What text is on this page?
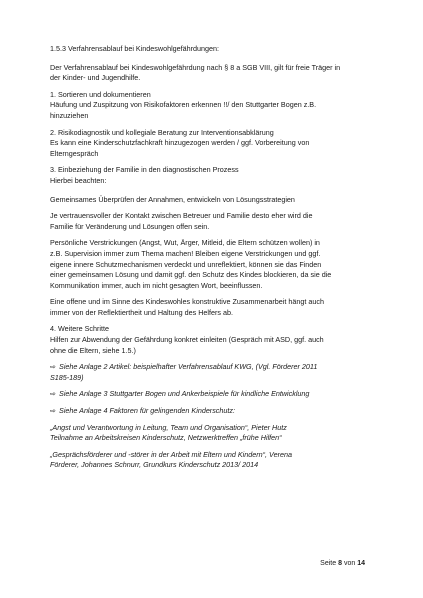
1.5.3 Verfahrensablauf bei Kindeswohlgefährdungen:
Der Verfahrensablauf bei Kindeswohlgefährdung nach § 8 a SGB VIII, gilt für freie Träger in
der Kinder- und Jugendhilfe.
1. Sortieren und dokumentieren
Häufung und Zuspitzung von Risikofaktoren erkennen !!/ den Stuttgarter Bogen z.B.
hinzuziehen
2. Risikodiagnostik und kollegiale Beratung zur Interventionsabklärung
Es kann eine Kinderschutzfachkraft hinzugezogen werden / ggf. Vorbereitung von
Elterngespräch
3. Einbeziehung der Familie in den diagnostischen Prozess
Hierbei beachten:
Gemeinsames Überprüfen der Annahmen, entwickeln von Lösungsstrategien
Je vertrauensvoller der Kontakt zwischen Betreuer und Familie desto eher wird die
Familie für Veränderung und Lösungen offen sein.
Persönliche Verstrickungen (Angst, Wut, Ärger, Mitleid, die Eltern schützen wollen) in
z.B. Supervision immer zum Thema machen! Bleiben eigene Verstrickungen und ggf.
eigene innere Schutzmechanismen verdeckt und unreflektiert, können sie das Finden
einer gemeinsamen Lösung und damit ggf. den Schutz des Kindes blockieren, da sie die
Kommunikation immer, auch im nicht gesagten Wort, beeinflussen.
Eine offene und im Sinne des Kindeswohles konstruktive Zusammenarbeit hängt auch
immer von der Reflektiertheit und Haltung des Helfers ab.
4. Weitere Schritte
Hilfen zur Abwendung der Gefährdung konkret einleiten (Gespräch mit ASD, ggf. auch
ohne die Eltern, siehe 1.5.)
⇨ Siehe Anlage 2 Artikel: beispielhafter Verfahrensablauf KWG, (Vgl. Förderer 2011
S185-189)
⇨ Siehe Anlage 3 Stuttgarter Bogen und Ankerbeispiele für kindliche Entwicklung
⇨ Siehe Anlage 4 Faktoren für gelingenden Kinderschutz:
„Angst und Verantwortung in Leitung, Team und Organisation“, Pieter Hutz
Teilnahme an Arbeitskreisen Kinderschutz, Netzwerktreffen „frühe Hilfen“
„Gesprächsförderer und -störer in der Arbeit mit Eltern und Kindern“, Verena
Förderer, Johannes Schnurr, Grundkurs Kinderschutz 2013/ 2014
Seite 8 von 14
